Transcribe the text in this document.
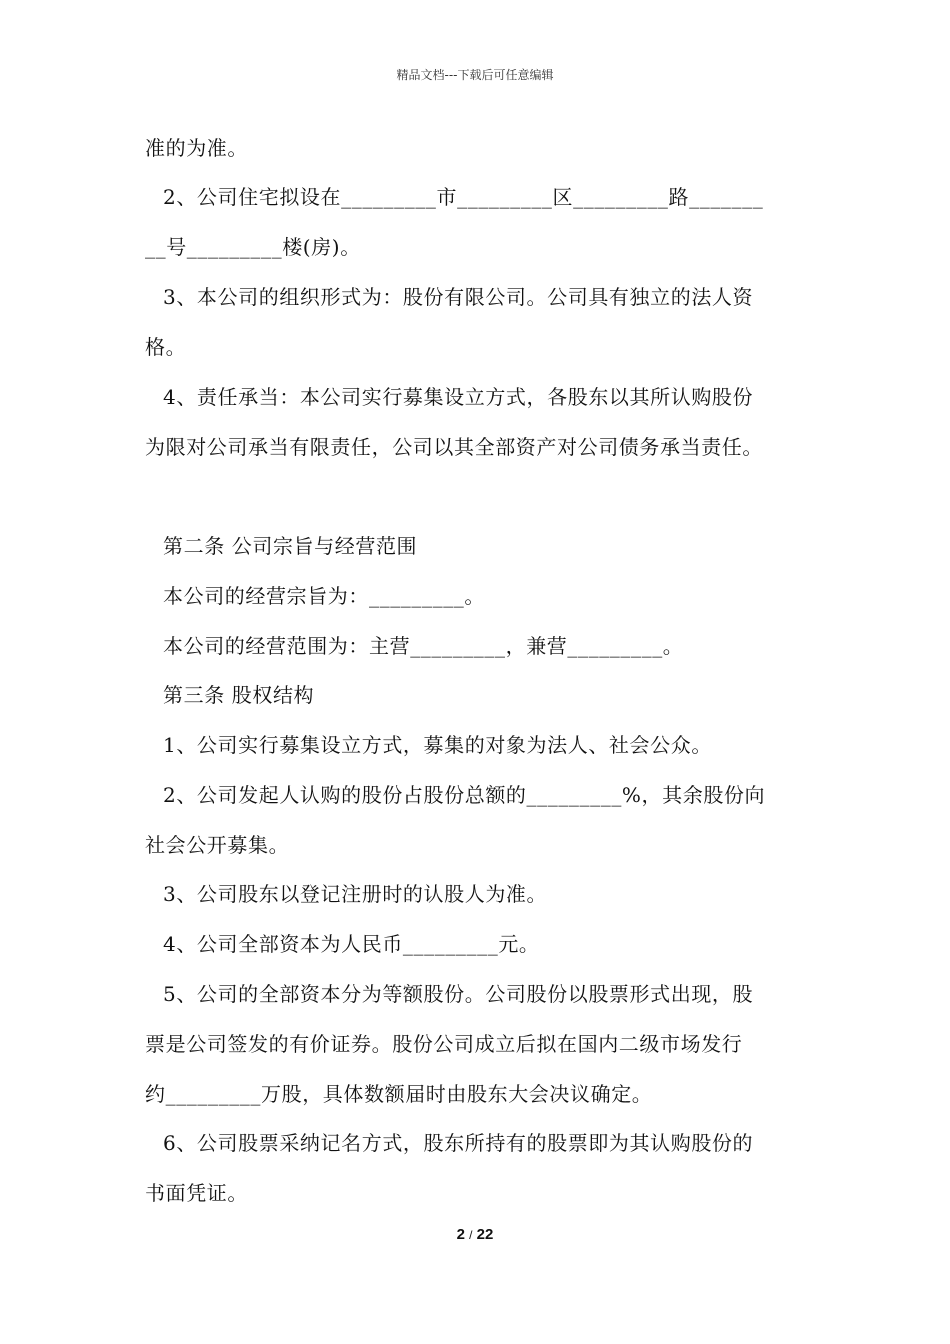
精品文档---下载后可任意编辑
准的为准。
2、公司住宅拟设在_________市_________区_________路_______
__号_________楼(房)。
3、本公司的组织形式为：股份有限公司。公司具有独立的法人资
格。
4、责任承当：本公司实行募集设立方式，各股东以其所认购股份
为限对公司承当有限责任，公司以其全部资产对公司债务承当责任。
第二条 公司宗旨与经营范围
本公司的经营宗旨为：_________。
本公司的经营范围为：主营_________，兼营_________。
第三条 股权结构
1、公司实行募集设立方式，募集的对象为法人、社会公众。
2、公司发起人认购的股份占股份总额的_________%，其余股份向
社会公开募集。
3、公司股东以登记注册时的认股人为准。
4、公司全部资本为人民币_________元。
5、公司的全部资本分为等额股份。公司股份以股票形式出现，股
票是公司签发的有价证券。股份公司成立后拟在国内二级市场发行
约_________万股，具体数额届时由股东大会决议确定。
6、公司股票采纳记名方式，股东所持有的股票即为其认购股份的
书面凭证。
2 / 22
